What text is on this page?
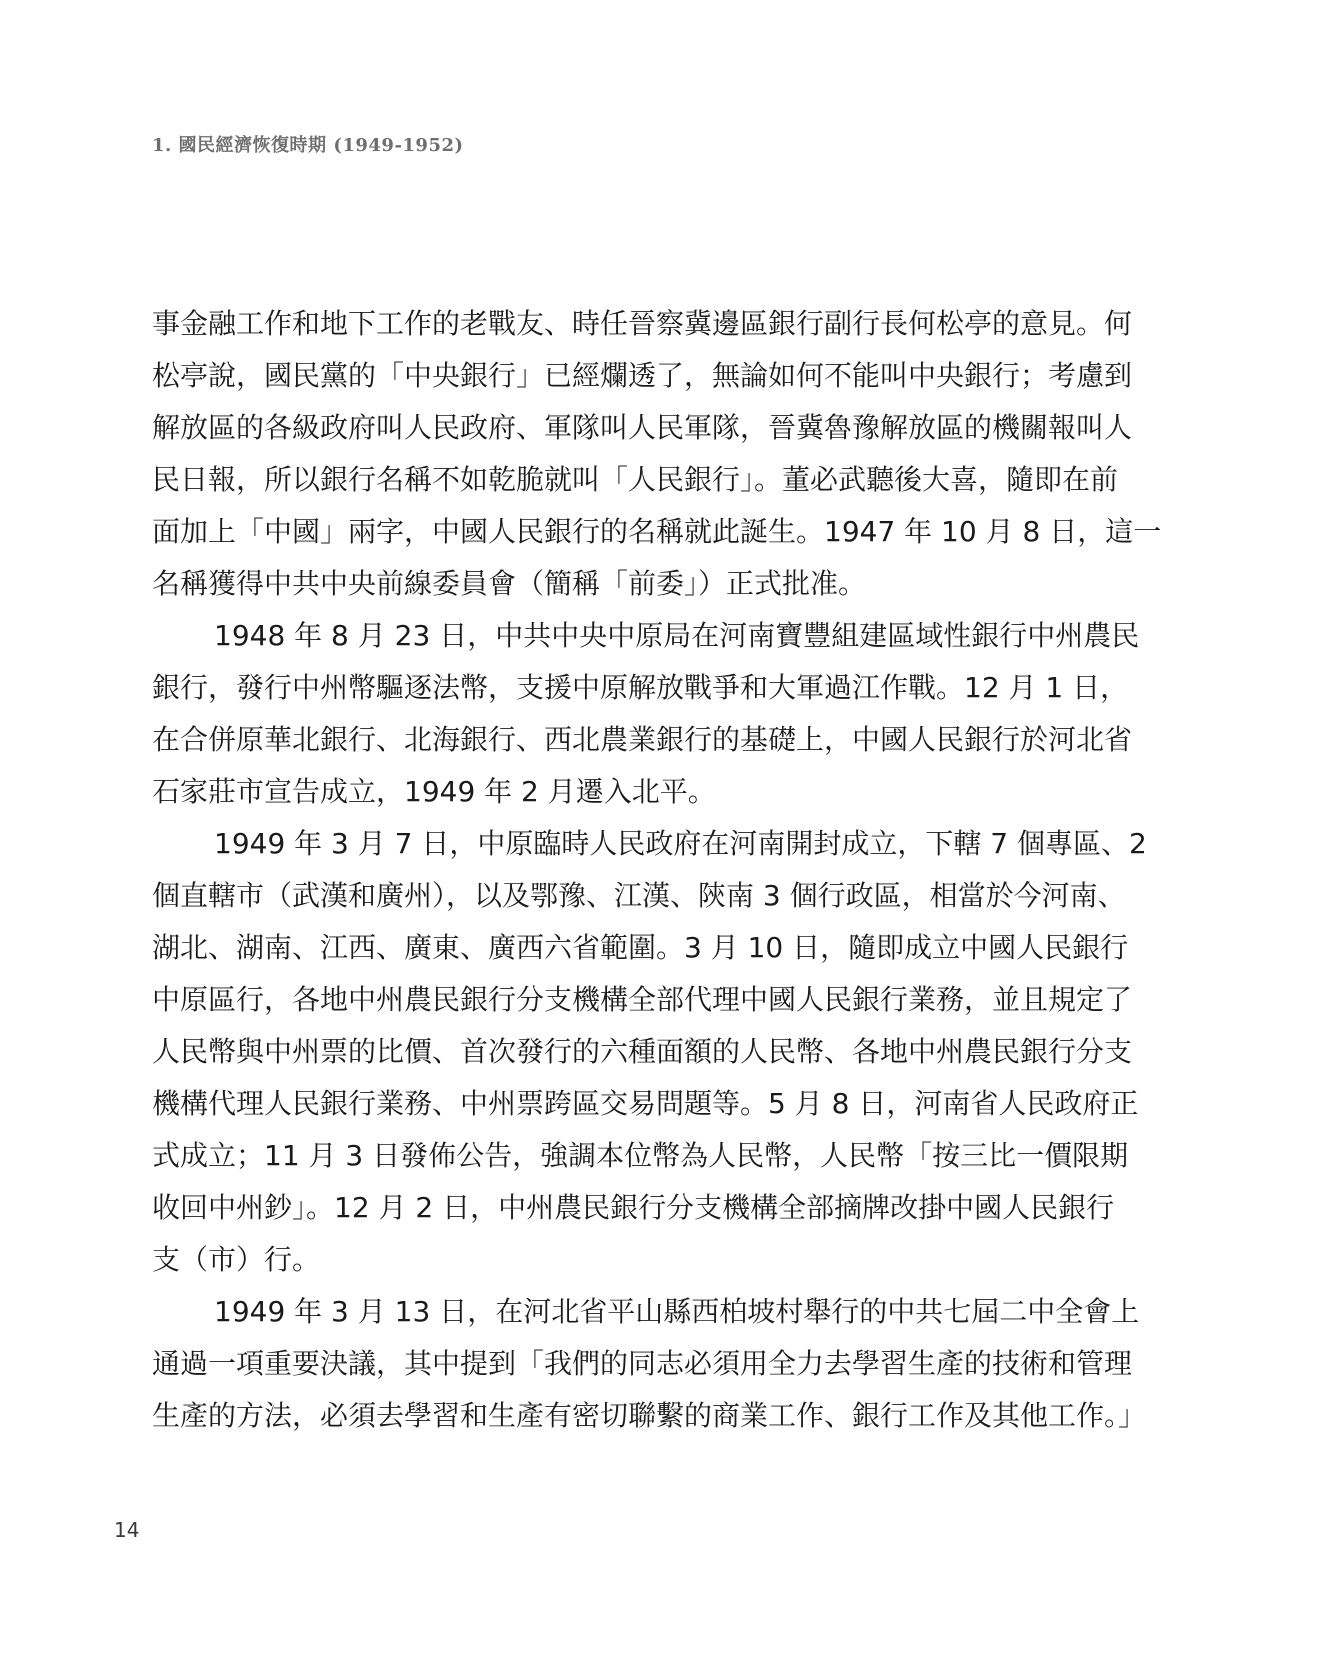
1. 國民經濟恢復時期 (1949-1952)
事金融工作和地下工作的老戰友、時任晉察冀邊區銀行副行長何松亭的意見。何
松亭說，國民黨的「中央銀行」已經爛透了，無論如何不能叫中央銀行；考慮到
解放區的各級政府叫人民政府、軍隊叫人民軍隊，晉冀魯豫解放區的機關報叫人
民日報，所以銀行名稱不如乾脆就叫「人民銀行」。董必武聽後大喜，隨即在前
面加上「中國」兩字，中國人民銀行的名稱就此誕生。1947 年 10 月 8 日，這一
名稱獲得中共中央前線委員會（簡稱「前委」）正式批准。
1948 年 8 月 23 日，中共中央中原局在河南寶豐組建區域性銀行中州農民
銀行，發行中州幣驅逐法幣，支援中原解放戰爭和大軍過江作戰。12 月 1 日，
在合併原華北銀行、北海銀行、西北農業銀行的基礎上，中國人民銀行於河北省
石家莊市宣告成立，1949 年 2 月遷入北平。
1949 年 3 月 7 日，中原臨時人民政府在河南開封成立，下轄 7 個專區、2
個直轄市（武漢和廣州），以及鄂豫、江漢、陝南 3 個行政區，相當於今河南、
湖北、湖南、江西、廣東、廣西六省範圍。3 月 10 日，隨即成立中國人民銀行
中原區行，各地中州農民銀行分支機構全部代理中國人民銀行業務，並且規定了
人民幣與中州票的比價、首次發行的六種面額的人民幣、各地中州農民銀行分支
機構代理人民銀行業務、中州票跨區交易問題等。5 月 8 日，河南省人民政府正
式成立；11 月 3 日發佈公告，強調本位幣為人民幣，人民幣「按三比一價限期
收回中州鈔」。12 月 2 日，中州農民銀行分支機構全部摘牌改掛中國人民銀行
支（市）行。
1949 年 3 月 13 日，在河北省平山縣西柏坡村舉行的中共七屆二中全會上
通過一項重要決議，其中提到「我們的同志必須用全力去學習生產的技術和管理
生產的方法，必須去學習和生產有密切聯繫的商業工作、銀行工作及其他工作。」
14
